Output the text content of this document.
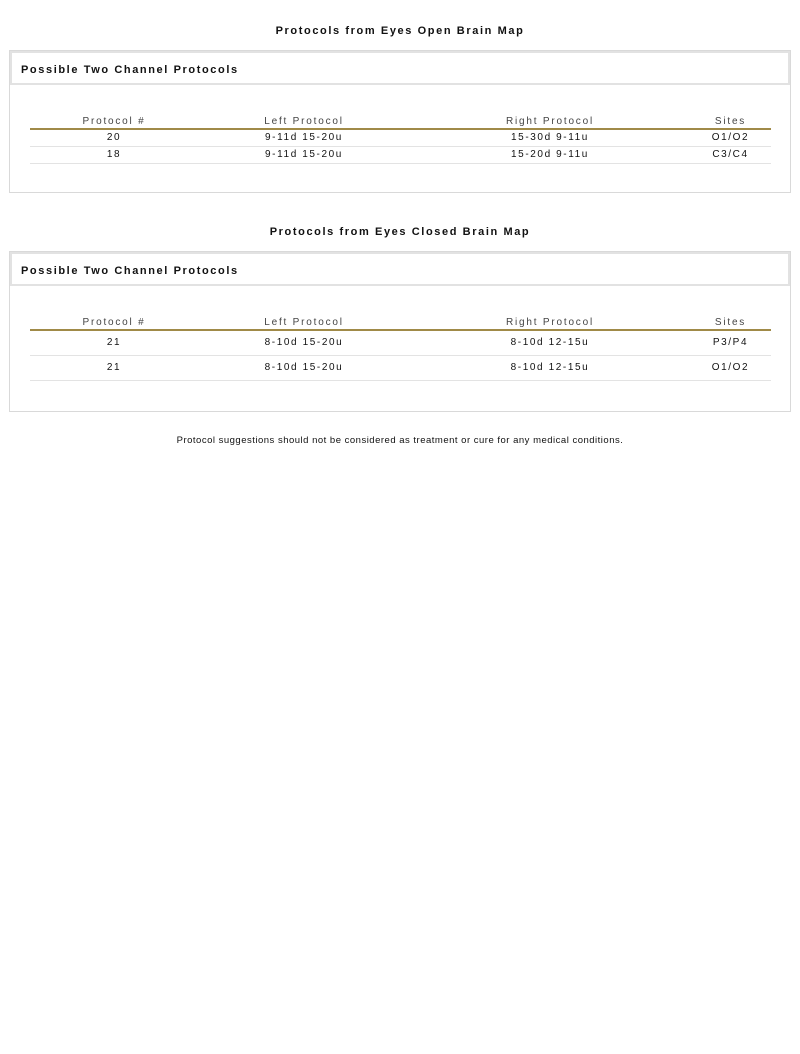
Protocols from Eyes Open Brain Map
Possible Two Channel Protocols
Protocol #	Left Protocol	Right Protocol	Sites
20	9-11d 15-20u	15-30d 9-11u	O1/O2
18	9-11d 15-20u	15-20d 9-11u	C3/C4
Protocols from Eyes Closed Brain Map
Possible Two Channel Protocols
Protocol #	Left Protocol	Right Protocol	Sites
21	8-10d 15-20u	8-10d 12-15u	P3/P4
21	8-10d 15-20u	8-10d 12-15u	O1/O2
Protocol suggestions should not be considered as treatment or cure for any medical conditions.
